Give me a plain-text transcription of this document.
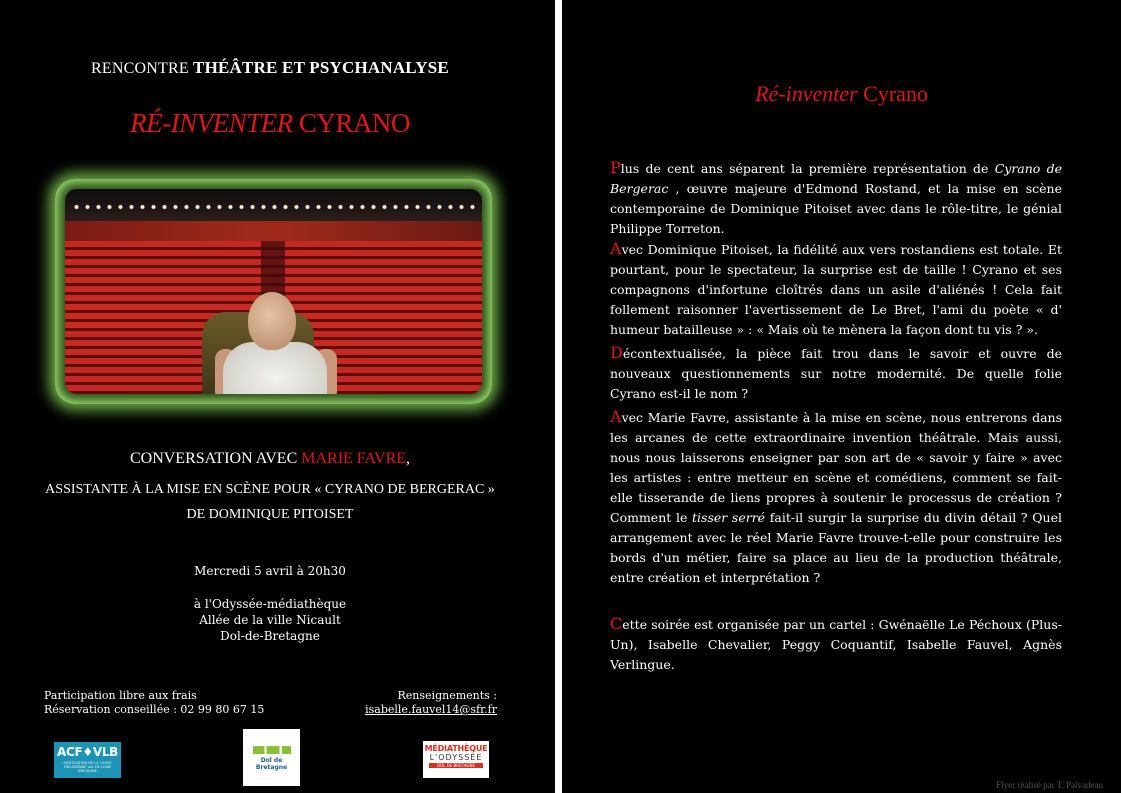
RENCONTRE THÉÂTRE ET PSYCHANALYSE
RÉ-INVENTER CYRANO
CONVERSATION AVEC MARIE FAVRE,
ASSISTANTE À LA MISE EN SCÈNE POUR « CYRANO DE BERGERAC »
DE DOMINIQUE PITOISET
Mercredi 5 avril à 20h30
à l'Odyssée-médiathèque
Allée de la ville Nicault
Dol-de-Bretagne
Participation libre aux frais
Réservation conseillée : 02 99 80 67 15
Renseignements :
isabelle.fauvel14@sfr.fr
ACF♦VLB
ASSOCIATION DE LA CAUSE FREUDIENNE VAL DE LOIRE BRETAGNE
Dol de Bretagne
MÉDIATHÈQUE
L'ODYSSÉE
DOL DE BRETAGNE
Ré-inventer Cyrano

Plus de cent ans séparent la première représentation de Cyrano de Bergerac , œuvre majeure d'Edmond Rostand, et la mise en scène contemporaine de Dominique Pitoiset avec dans le rôle-titre, le génial Philippe Torreton.

Avec Dominique Pitoiset, la fidélité aux vers rostandiens est totale. Et pourtant, pour le spectateur, la surprise est de taille ! Cyrano et ses compagnons d'infortune cloîtrés dans un asile d'aliénés ! Cela fait follement raisonner l'avertissement de Le Bret, l'ami du poète « d' humeur batailleuse » : « Mais où te mènera la façon dont tu vis ? ».

Décontextualisée, la pièce fait trou dans le savoir et ouvre de nouveaux questionnements sur notre modernité. De quelle folie Cyrano est-il le nom ?

Avec Marie Favre, assistante à la mise en scène, nous entrerons dans les arcanes de cette extraordinaire invention théâtrale. Mais aussi, nous nous laisserons enseigner par son art de « savoir y faire » avec les artistes : entre metteur en scène et comédiens, comment se fait-elle tisserande de liens propres à soutenir le processus de création ? Comment le tisser serré fait-il surgir la surprise du divin détail ? Quel arrangement avec le réel Marie Favre trouve-t-elle pour construire les bords d'un métier, faire sa place au lieu de la production théâtrale, entre création et interprétation ?

Cette soirée est organisée par un cartel : Gwénaëlle Le Péchoux (Plus-Un), Isabelle Chevalier, Peggy Coquantif, Isabelle Fauvel, Agnès Verlingue.

Flyer réalisé par T. Palvadeau
